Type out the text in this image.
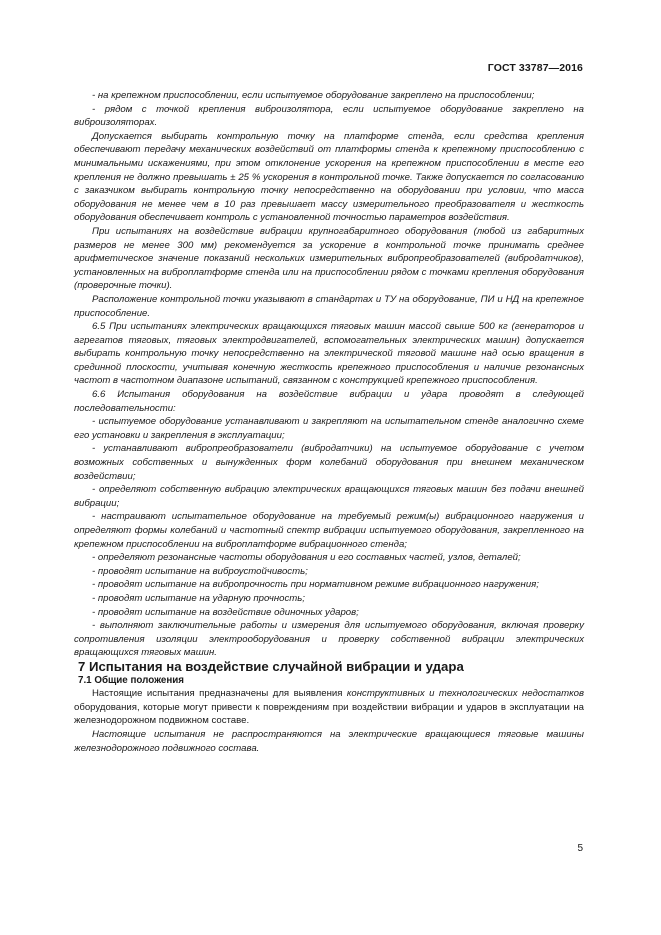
ГОСТ 33787—2016

- на крепежном приспособлении, если испытуемое оборудование закреплено на приспособлении;

- рядом с точкой крепления виброизолятора, если испытуемое оборудование закреплено на виброизоляторах.

Допускается выбирать контрольную точку на платформе стенда, если средства крепления обеспечивают передачу механических воздействий от платформы стенда к крепежному приспособлению с минимальными искажениями, при этом отклонение ускорения на крепежном приспособлении в месте его крепления не должно превышать ± 25 % ускорения в контрольной точке. Также допускается по согласованию с заказчиком выбирать контрольную точку непосредственно на оборудовании при условии, что масса оборудования не менее чем в 10 раз превышает массу измерительного преобразователя и жесткость оборудования обеспечивает контроль с установленной точностью параметров воздействия.

При испытаниях на воздействие вибрации крупногабаритного оборудования (любой из габаритных размеров не менее 300 мм) рекомендуется за ускорение в контрольной точке принимать среднее арифметическое значение показаний нескольких измерительных вибропреобразователей (вибродатчиков), установленных на виброплатформе стенда или на приспособлении рядом с точками крепления оборудования (проверочные точки).

Расположение контрольной точки указывают в стандартах и ТУ на оборудование, ПИ и НД на крепежное приспособление.

6.5 При испытаниях электрических вращающихся тяговых машин массой свыше 500 кг (генераторов и агрегатов тяговых, тяговых электродвигателей, вспомогательных электрических машин) допускается выбирать контрольную точку непосредственно на электрической тяговой машине над осью вращения в срединной плоскости, учитывая конечную жесткость крепежного приспособления и наличие резонансных частот в частотном диапазоне испытаний, связанном с конструкцией крепежного приспособления.

6.6 Испытания оборудования на воздействие вибрации и удара проводят в следующей последовательности:

- испытуемое оборудование устанавливают и закрепляют на испытательном стенде аналогично схеме его установки и закрепления в эксплуатации;

- устанавливают вибропреобразователи (вибродатчики) на испытуемое оборудование с учетом возможных собственных и вынужденных форм колебаний оборудования при внешнем механическом воздействии;

- определяют собственную вибрацию электрических вращающихся тяговых машин без подачи внешней вибрации;

- настраивают испытательное оборудование на требуемый режим(ы) вибрационного нагружения и определяют формы колебаний и частотный спектр вибрации испытуемого оборудования, закрепленного на крепежном приспособлении на виброплатформе вибрационного стенда;

- определяют резонансные частоты оборудования и его составных частей, узлов, деталей;

- проводят испытание на виброустойчивость;

- проводят испытание на вибропрочность при нормативном режиме вибрационного нагружения;

- проводят испытание на ударную прочность;

- проводят испытание на воздействие одиночных ударов;

- выполняют заключительные работы и измерения для испытуемого оборудования, включая проверку сопротивления изоляции электрооборудования и проверку собственной вибрации электрических вращающихся тяговых машин.

7 Испытания на воздействие случайной вибрации и удара

7.1 Общие положения

Настоящие испытания предназначены для выявления конструктивных и технологических недостатков оборудования, которые могут привести к повреждениям при воздействии вибрации и ударов в эксплуатации на железнодорожном подвижном составе.

Настоящие испытания не распространяются на электрические вращающиеся тяговые машины железнодорожного подвижного состава.

5
